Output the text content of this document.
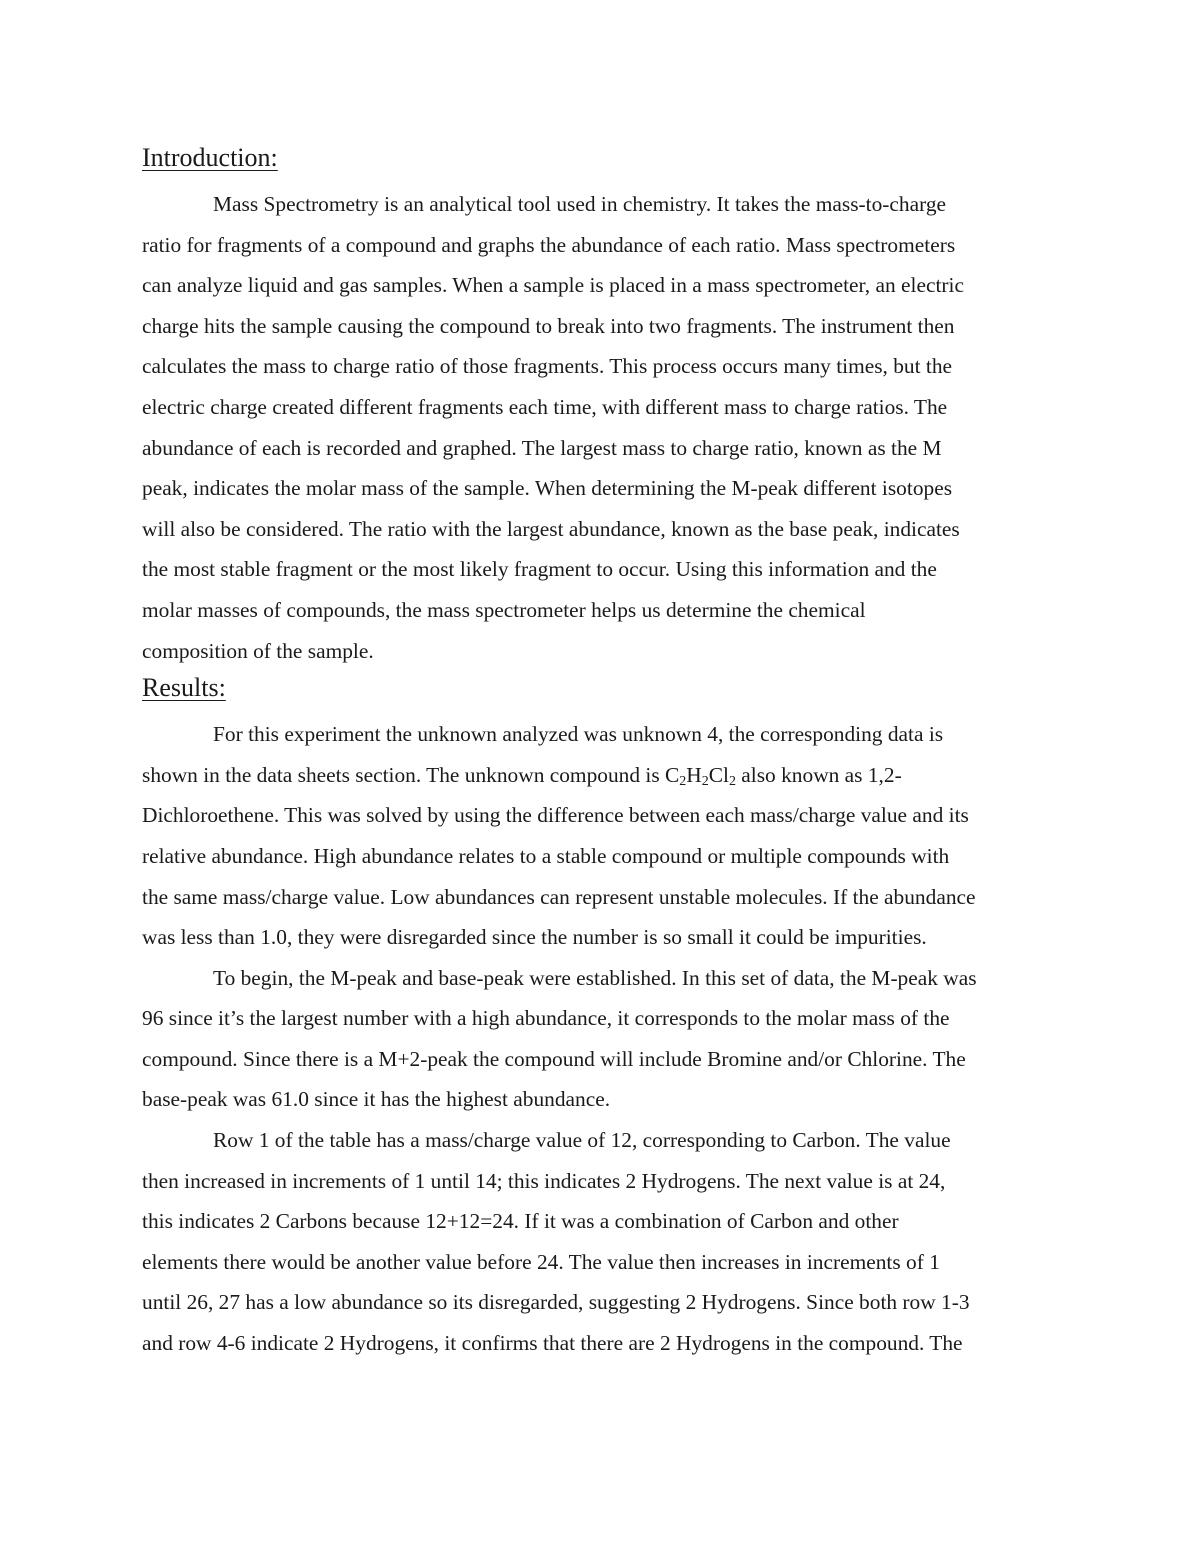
Introduction:

Mass Spectrometry is an analytical tool used in chemistry. It takes the mass-to-charge
ratio for fragments of a compound and graphs the abundance of each ratio. Mass spectrometers
can analyze liquid and gas samples. When a sample is placed in a mass spectrometer, an electric
charge hits the sample causing the compound to break into two fragments. The instrument then
calculates the mass to charge ratio of those fragments. This process occurs many times, but the
electric charge created different fragments each time, with different mass to charge ratios. The
abundance of each is recorded and graphed. The largest mass to charge ratio, known as the M
peak, indicates the molar mass of the sample. When determining the M-peak different isotopes
will also be considered. The ratio with the largest abundance, known as the base peak, indicates
the most stable fragment or the most likely fragment to occur. Using this information and the
molar masses of compounds, the mass spectrometer helps us determine the chemical
composition of the sample.

Results:

For this experiment the unknown analyzed was unknown 4, the corresponding data is
shown in the data sheets section. The unknown compound is $C_2H_2Cl_2$ also known as 1,2-
Dichloroethene. This was solved by using the difference between each mass/charge value and its
relative abundance. High abundance relates to a stable compound or multiple compounds with
the same mass/charge value. Low abundances can represent unstable molecules. If the abundance
was less than 1.0, they were disregarded since the number is so small it could be impurities.

To begin, the M-peak and base-peak were established. In this set of data, the M-peak was
96 since it’s the largest number with a high abundance, it corresponds to the molar mass of the
compound. Since there is a M+2-peak the compound will include Bromine and/or Chlorine. The
base-peak was 61.0 since it has the highest abundance.

Row 1 of the table has a mass/charge value of 12, corresponding to Carbon. The value
then increased in increments of 1 until 14; this indicates 2 Hydrogens. The next value is at 24,
this indicates 2 Carbons because 12+12=24. If it was a combination of Carbon and other
elements there would be another value before 24. The value then increases in increments of 1
until 26, 27 has a low abundance so its disregarded, suggesting 2 Hydrogens. Since both row 1-3
and row 4-6 indicate 2 Hydrogens, it confirms that there are 2 Hydrogens in the compound. The
